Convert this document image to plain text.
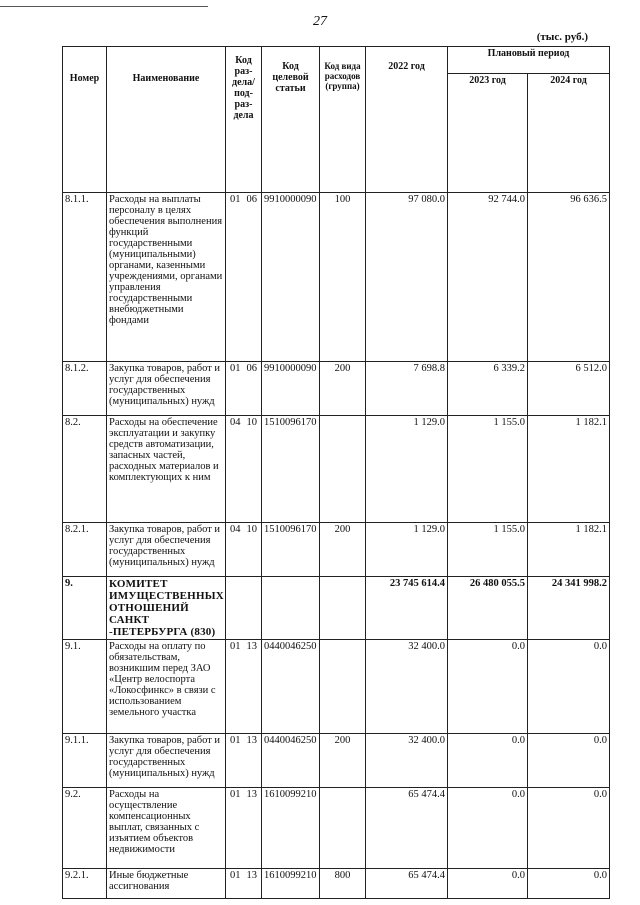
27
(тыс. руб.)
Номер	Наименование	Код раз-дела/ под-раз-дела	Код целевой статьи	Код вида расходов (группа)	2022 год	Плановый период	
						2023 год	2024 год
8.1.1.	Расходы на выплаты персоналу в целях обеспечения выполнения функций государственными (муниципальными) органами, казенными учреждениями, органами управления государственными внебюджетными фондами	01 06	9910000090	100	97 080.0	92 744.0	96 636.5
8.1.2.	Закупка товаров, работ и услуг для обеспечения государственных (муниципальных) нужд	01 06	9910000090	200	7 698.8	6 339.2	6 512.0
8.2.	Расходы на обеспечение эксплуатации и закупку средств автоматизации, запасных частей, расходных материалов и комплектующих к ним	04 10	1510096170		1 129.0	1 155.0	1 182.1
8.2.1.	Закупка товаров, работ и услуг для обеспечения государственных (муниципальных) нужд	04 10	1510096170	200	1 129.0	1 155.0	1 182.1
9.	КОМИТЕТ ИМУЩЕСТВЕННЫХ ОТНОШЕНИЙ САНКТ -ПЕТЕРБУРГА (830)				23 745 614.4	26 480 055.5	24 341 998.2
9.1.	Расходы на оплату по обязательствам, возникшим перед ЗАО «Центр велоспорта «Локосфинкс» в связи с использованием земельного участка	01 13	0440046250		32 400.0	0.0	0.0
9.1.1.	Закупка товаров, работ и услуг для обеспечения государственных (муниципальных) нужд	01 13	0440046250	200	32 400.0	0.0	0.0
9.2.	Расходы на осуществление компенсационных выплат, связанных с изъятием объектов недвижимости	01 13	1610099210		65 474.4	0.0	0.0
9.2.1.	Иные бюджетные ассигнования	01 13	1610099210	800	65 474.4	0.0	0.0
